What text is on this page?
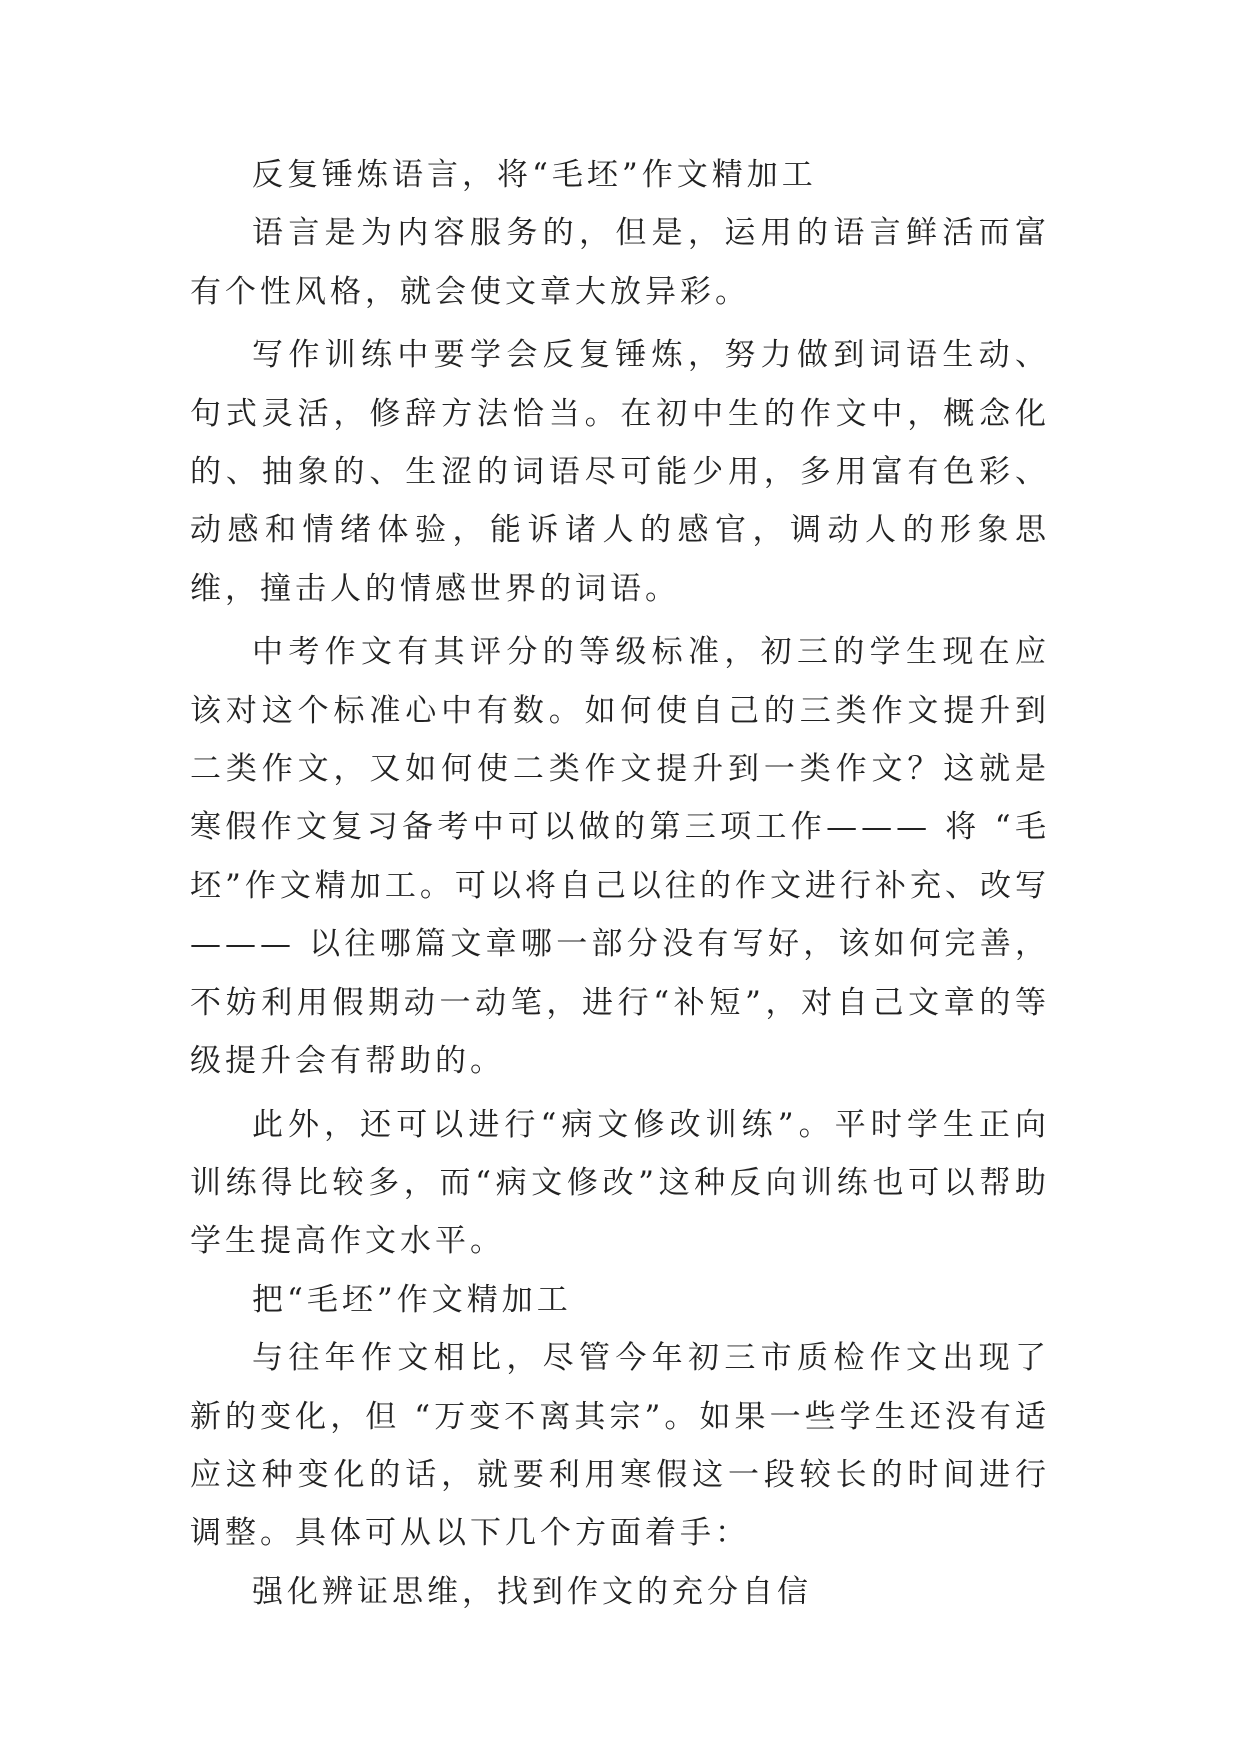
反复锤炼语言，将“毛坯”作文精加工

语言是为内容服务的，但是，运用的语言鲜活而富有个性风格，就会使文章大放异彩。

写作训练中要学会反复锤炼，努力做到词语生动、句式灵活，修辞方法恰当。在初中生的作文中，概念化的、抽象的、生涩的词语尽可能少用，多用富有色彩、动感和情绪体验，能诉诸人的感官，调动人的形象思维，撞击人的情感世界的词语。

中考作文有其评分的等级标准，初三的学生现在应该对这个标准心中有数。如何使自己的三类作文提升到二类作文，又如何使二类作文提升到一类作文？这就是寒假作文复习备考中可以做的第三项工作——— 将 “毛坯”作文精加工。可以将自己以往的作文进行补充、改写——— 以往哪篇文章哪一部分没有写好，该如何完善，不妨利用假期动一动笔，进行“补短”，对自己文章的等级提升会有帮助的。

此外，还可以进行“病文修改训练”。平时学生正向训练得比较多，而“病文修改”这种反向训练也可以帮助学生提高作文水平。

把“毛坯”作文精加工

与往年作文相比，尽管今年初三市质检作文出现了新的变化，但 “万变不离其宗”。如果一些学生还没有适应这种变化的话，就要利用寒假这一段较长的时间进行调整。具体可从以下几个方面着手：

强化辨证思维，找到作文的充分自信
